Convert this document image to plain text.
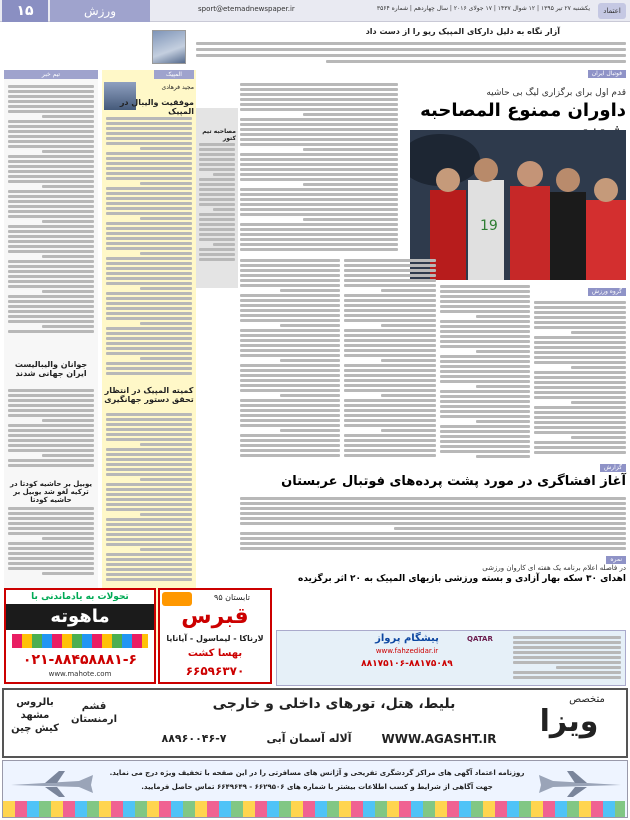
۱۵	ورزش	sport@etemadnewspaper.ir	یکشنبه ۲۷ تیر ۱۳۹۵ | ۱۲ شوال ۱۴۳۷ | ۱۷ جولای ۲۰۱۶ | سال چهاردهم | شماره ۳۵۶۴	اعتماد
آزار نگاه به دلیل دارکای المپیک ریو را از دست داد
تیم خبر
جوانان والیبالیست ایران جهانی شدند
یوبیل بر حاشیه کودتا در ترکیه لغو شد یوبیل بر حاشیه کودتا
المپیک
مجید فرهادی
موفقیت والیبال در المپیک
کمیته المپیک در انتظار تحقق دستور جهانگیری
مصاحبه تیم کتور
فوتبال ایران
قدم اول برای برگزاری لیگ بی حاشیه
داوران ممنوع المصاحبه
19
گروه ورزش
گزارش
آغاز افشاگری در مورد پشت پرده‌های فوتبال عربستان
نمره
در فاصله اعلام برنامه یک هفته ای کاروان ورزشی
اهدای ۳۰ سکه بهار آزادی و بسته ورزشی بازیهای المپیک به ۲۰ اثر برگزیده
تحولات به یادماندنی با
ماهوته
۰۲۱-۸۸۴۵۸۸۸۱-۶
www.mahote.com
تابستان ۹۵
قبرس
لارناکا - لیماسول - آیانایا
بهسا کشت
۶۶۵۹۶۳۷۰
QATAR
پیشگام پرواز
www.fahzedidar.ir
۸۸۱۷۵۱۰۶-۸۸۱۷۵۰۸۹
متخصص
ویزا
بلیط، هتل، تورهای داخلی و خارجی
WWW.AGASHT.IR
آلاله آسمان آبی
۸۸۹۶۰۰۴۶-۷
قشم ارمنستان
بالروس مشهد کیش چین
روزنامه اعتماد آگهی های مراکز گردشگری تفریحی و آژانس های مسافرتی را در این صفحه با تخفیف ویژه درج می نماید.
جهت آگاهی از شرایط و کسب اطلاعات بیشتر با شماره های ۶۶۲۹۵۰۶ - ۶۶۴۹۶۴۹ تماس حاصل فرمایید.
